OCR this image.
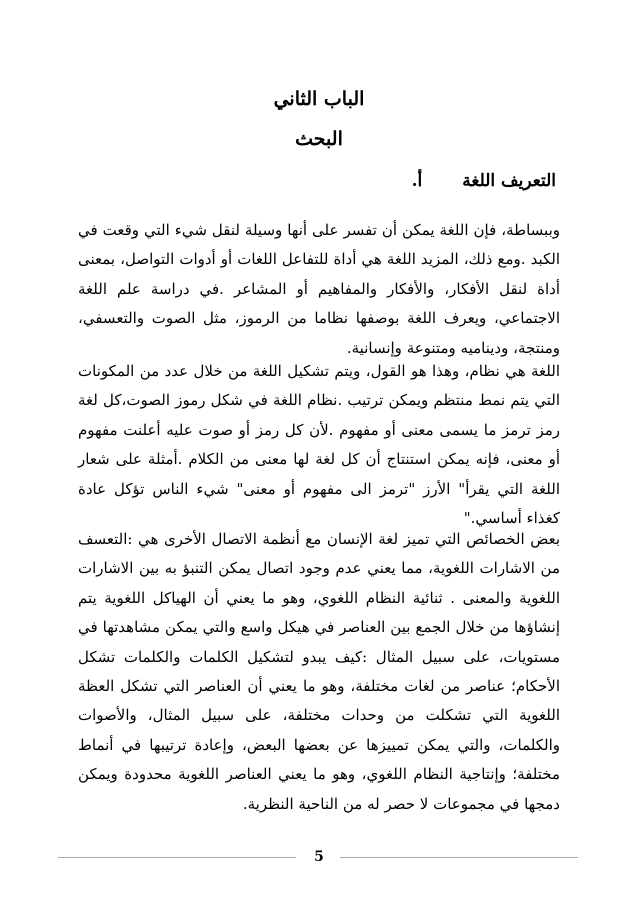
الباب الثاني
البحث
التعريف اللغة
أ.

وببساطة، فإن اللغة يمكن أن تفسر على أنها وسيلة لنقل شيء التي وقعت في الكبد .ومع ذلك، المزيد اللغة هي أداة للتفاعل اللغات أو أدوات التواصل، بمعنى أداة لنقل الأفكار، والأفكار والمفاهيم أو المشاعر .في دراسة علم اللغة الاجتماعي، ويعرف اللغة بوصفها نظاما من الرموز، مثل الصوت والتعسفي، ومنتجة، وديناميه ومتنوعة وإنسانية.

اللغة هي نظام، وهذا هو القول، ويتم تشكيل اللغة من خلال عدد من المكونات التي يتم نمط منتظم ويمكن ترتيب .نظام اللغة في شكل رموز الصوت،كل لغة رمز ترمز ما يسمى معنى أو مفهوم .لأن كل رمز أو صوت عليه أعلنت مفهوم أو معنى، فإنه يمكن استنتاج أن كل لغة لها معنى من الكلام .أمثلة على شعار اللغة التي يقرأ" الأرز "ترمز الى مفهوم أو معنى" شيء الناس تؤكل عادة كغذاء أساسي."

بعض الخصائص التي تميز لغة الإنسان مع أنظمة الاتصال الأخرى هي :التعسف من الاشارات اللغوية، مما يعني عدم وجود اتصال يمكن التنبؤ به بين الاشارات اللغوية والمعنى . ثنائية النظام اللغوي، وهو ما يعني أن الهياكل اللغوية يتم إنشاؤها من خلال الجمع بين العناصر في هيكل واسع والتي يمكن مشاهدتها في مستويات، على سبيل المثال :كيف يبدو لتشكيل الكلمات والكلمات تشكل الأحكام؛ عناصر من لغات مختلفة، وهو ما يعني أن العناصر التي تشكل العظة اللغوية التي تشكلت من وحدات مختلفة، على سبيل المثال، والأصوات والكلمات، والتي يمكن تمييزها عن بعضها البعض، وإعادة ترتيبها في أنماط مختلفة؛ وإنتاجية النظام اللغوي، وهو ما يعني العناصر اللغوية محدودة ويمكن دمجها في مجموعات لا حصر له من الناحية النظرية.

5
